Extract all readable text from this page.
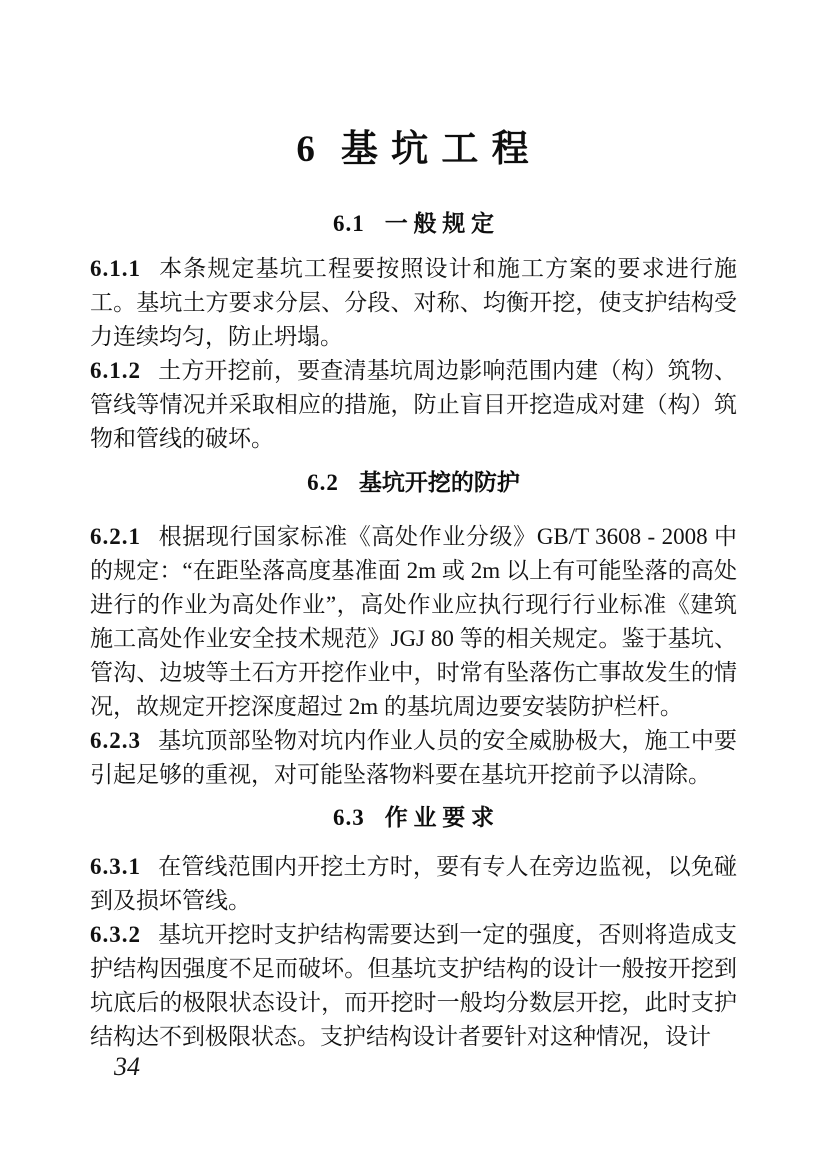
6 基 坑 工 程
6.1 一 般 规 定

6.1.1 本条规定基坑工程要按照设计和施工方案的要求进行施工。基坑土方要求分层、分段、对称、均衡开挖，使支护结构受力连续均匀，防止坍塌。

6.1.2 土方开挖前，要查清基坑周边影响范围内建（构）筑物、管线等情况并采取相应的措施，防止盲目开挖造成对建（构）筑物和管线的破坏。

6.2 基坑开挖的防护

6.2.1 根据现行国家标准《高处作业分级》GB/T 3608 - 2008 中的规定：“在距坠落高度基准面 2m 或 2m 以上有可能坠落的高处进行的作业为高处作业”，高处作业应执行现行行业标准《建筑施工高处作业安全技术规范》JGJ 80 等的相关规定。鉴于基坑、管沟、边坡等土石方开挖作业中，时常有坠落伤亡事故发生的情况，故规定开挖深度超过 2m 的基坑周边要安装防护栏杆。

6.2.3 基坑顶部坠物对坑内作业人员的安全威胁极大，施工中要引起足够的重视，对可能坠落物料要在基坑开挖前予以清除。

6.3 作 业 要 求

6.3.1 在管线范围内开挖土方时，要有专人在旁边监视，以免碰到及损坏管线。

6.3.2 基坑开挖时支护结构需要达到一定的强度，否则将造成支护结构因强度不足而破坏。但基坑支护结构的设计一般按开挖到坑底后的极限状态设计，而开挖时一般均分数层开挖，此时支护结构达不到极限状态。支护结构设计者要针对这种情况，设计

34
